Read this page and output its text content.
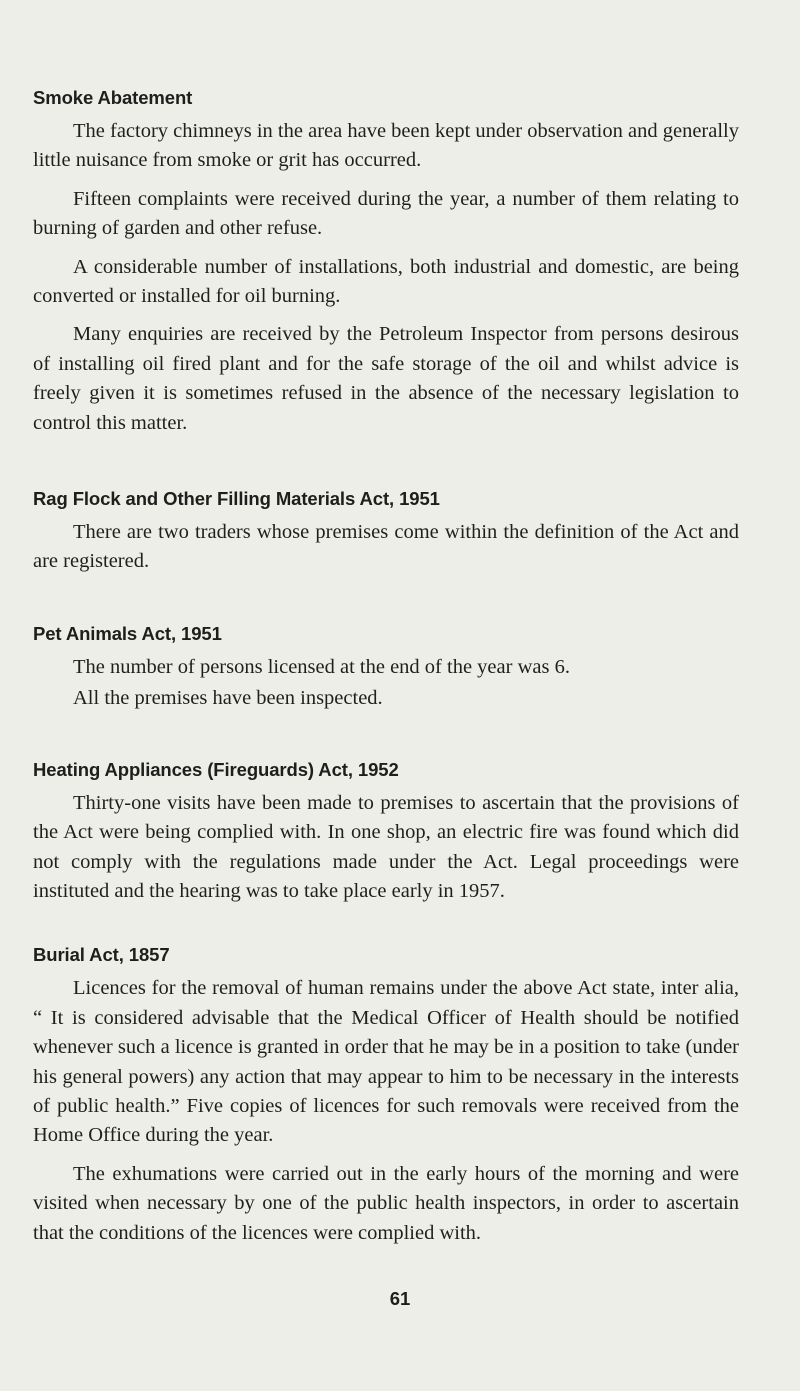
Smoke Abatement

The factory chimneys in the area have been kept under observation and generally little nuisance from smoke or grit has occurred.

Fifteen complaints were received during the year, a number of them relating to burning of garden and other refuse.

A considerable number of installations, both industrial and domestic, are being converted or installed for oil burning.

Many enquiries are received by the Petroleum Inspector from persons desirous of installing oil fired plant and for the safe storage of the oil and whilst advice is freely given it is sometimes refused in the absence of the necessary legislation to control this matter.

Rag Flock and Other Filling Materials Act, 1951

There are two traders whose premises come within the definition of the Act and are registered.

Pet Animals Act, 1951

The number of persons licensed at the end of the year was 6.

All the premises have been inspected.

Heating Appliances (Fireguards) Act, 1952

Thirty-one visits have been made to premises to ascertain that the provisions of the Act were being complied with. In one shop, an electric fire was found which did not comply with the regulations made under the Act. Legal proceedings were instituted and the hearing was to take place early in 1957.

Burial Act, 1857

Licences for the removal of human remains under the above Act state, inter alia, “ It is considered advisable that the Medical Officer of Health should be notified whenever such a licence is granted in order that he may be in a position to take (under his general powers) any action that may appear to him to be necessary in the interests of public health.” Five copies of licences for such removals were received from the Home Office during the year.

The exhumations were carried out in the early hours of the morning and were visited when necessary by one of the public health inspectors, in order to ascertain that the conditions of the licences were complied with.

61
